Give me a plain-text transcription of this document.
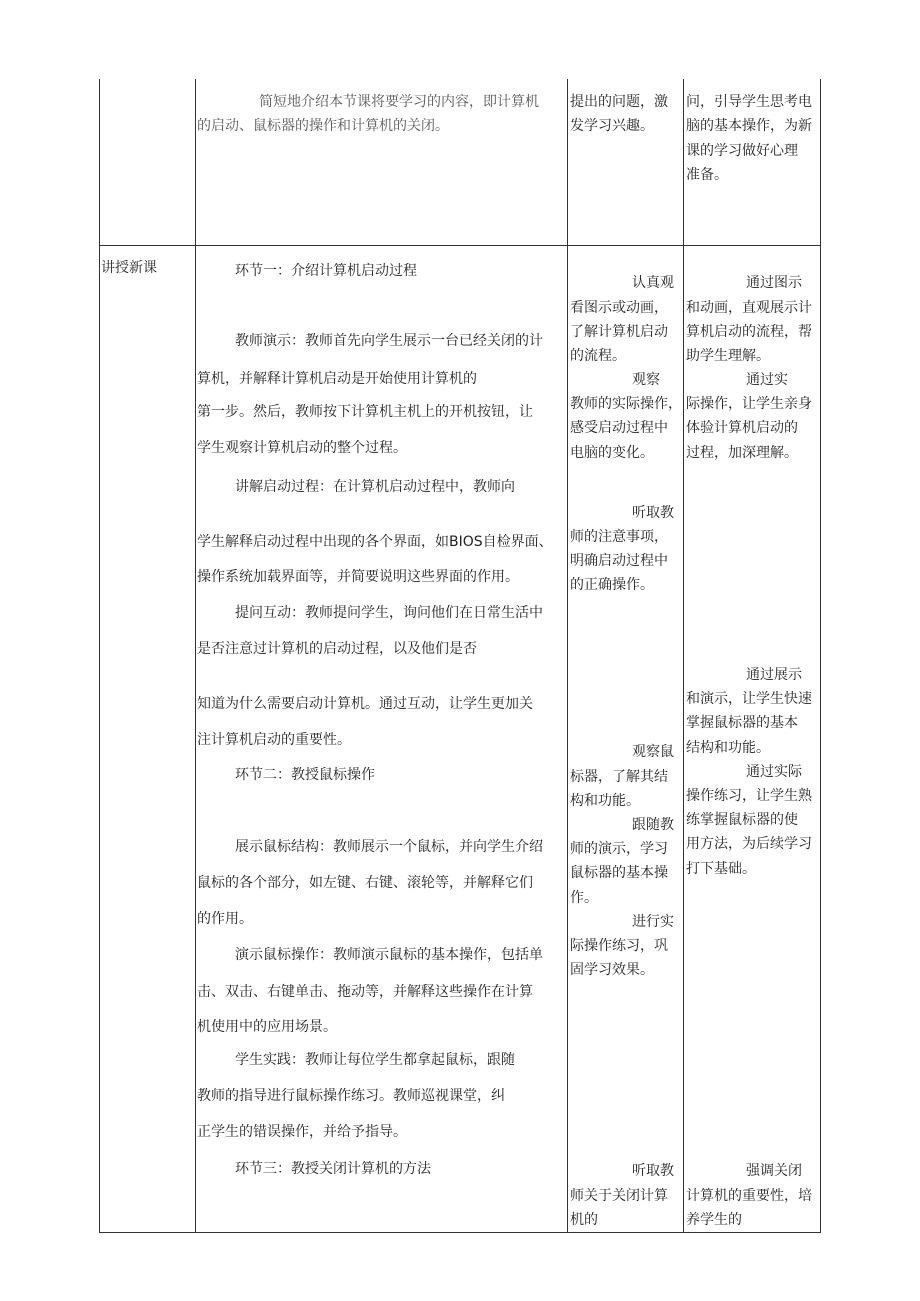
简短地介绍本节课将要学习的内容，即计算机
的启动、鼠标器的操作和计算机的关闭。
提出的问题，激
发学习兴趣。
问，引导学生思考电
脑的基本操作，为新
课的学习做好心理
准备。
讲授新课	环节一：介绍计算机启动过程
教师演示：教师首先向学生展示一台已经关闭的计
算机，并解释计算机启动是开始使用计算机的
第一步。然后，教师按下计算机主机上的开机按钮，让
学生观察计算机启动的整个过程。
讲解启动过程：在计算机启动过程中，教师向
学生解释启动过程中出现的各个界面，如BIOS自检界面、
操作系统加载界面等，并简要说明这些界面的作用。
提问互动：教师提问学生，询问他们在日常生活中
是否注意过计算机的启动过程，以及他们是否
知道为什么需要启动计算机。通过互动，让学生更加关
注计算机启动的重要性。
环节二：教授鼠标操作
展示鼠标结构：教师展示一个鼠标，并向学生介绍
鼠标的各个部分，如左键、右键、滚轮等，并解释它们
的作用。
演示鼠标操作：教师演示鼠标的基本操作，包括单
击、双击、右键单击、拖动等，并解释这些操作在计算
机使用中的应用场景。
学生实践：教师让每位学生都拿起鼠标，跟随
教师的指导进行鼠标操作练习。教师巡视课堂，纠
正学生的错误操作，并给予指导。
环节三：教授关闭计算机的方法
认真观
看图示或动画，
了解计算机启动
的流程。
观察
教师的实际操作，
感受启动过程中
电脑的变化。
听取教
师的注意事项，
明确启动过程中
的正确操作。
观察鼠
标器，了解其结
构和功能。
跟随教
师的演示，学习
鼠标器的基本操
作。
进行实
际操作练习，巩
固学习效果。
听取教
师关于关闭计算
机的
通过图示
和动画，直观展示计
算机启动的流程，帮
助学生理解。
通过实
际操作，让学生亲身
体验计算机启动的
过程，加深理解。
通过展示
和演示，让学生快速
掌握鼠标器的基本
结构和功能。
通过实际
操作练习，让学生熟
练掌握鼠标器的使
用方法，为后续学习
打下基础。
强调关闭
计算机的重要性，培
养学生的
